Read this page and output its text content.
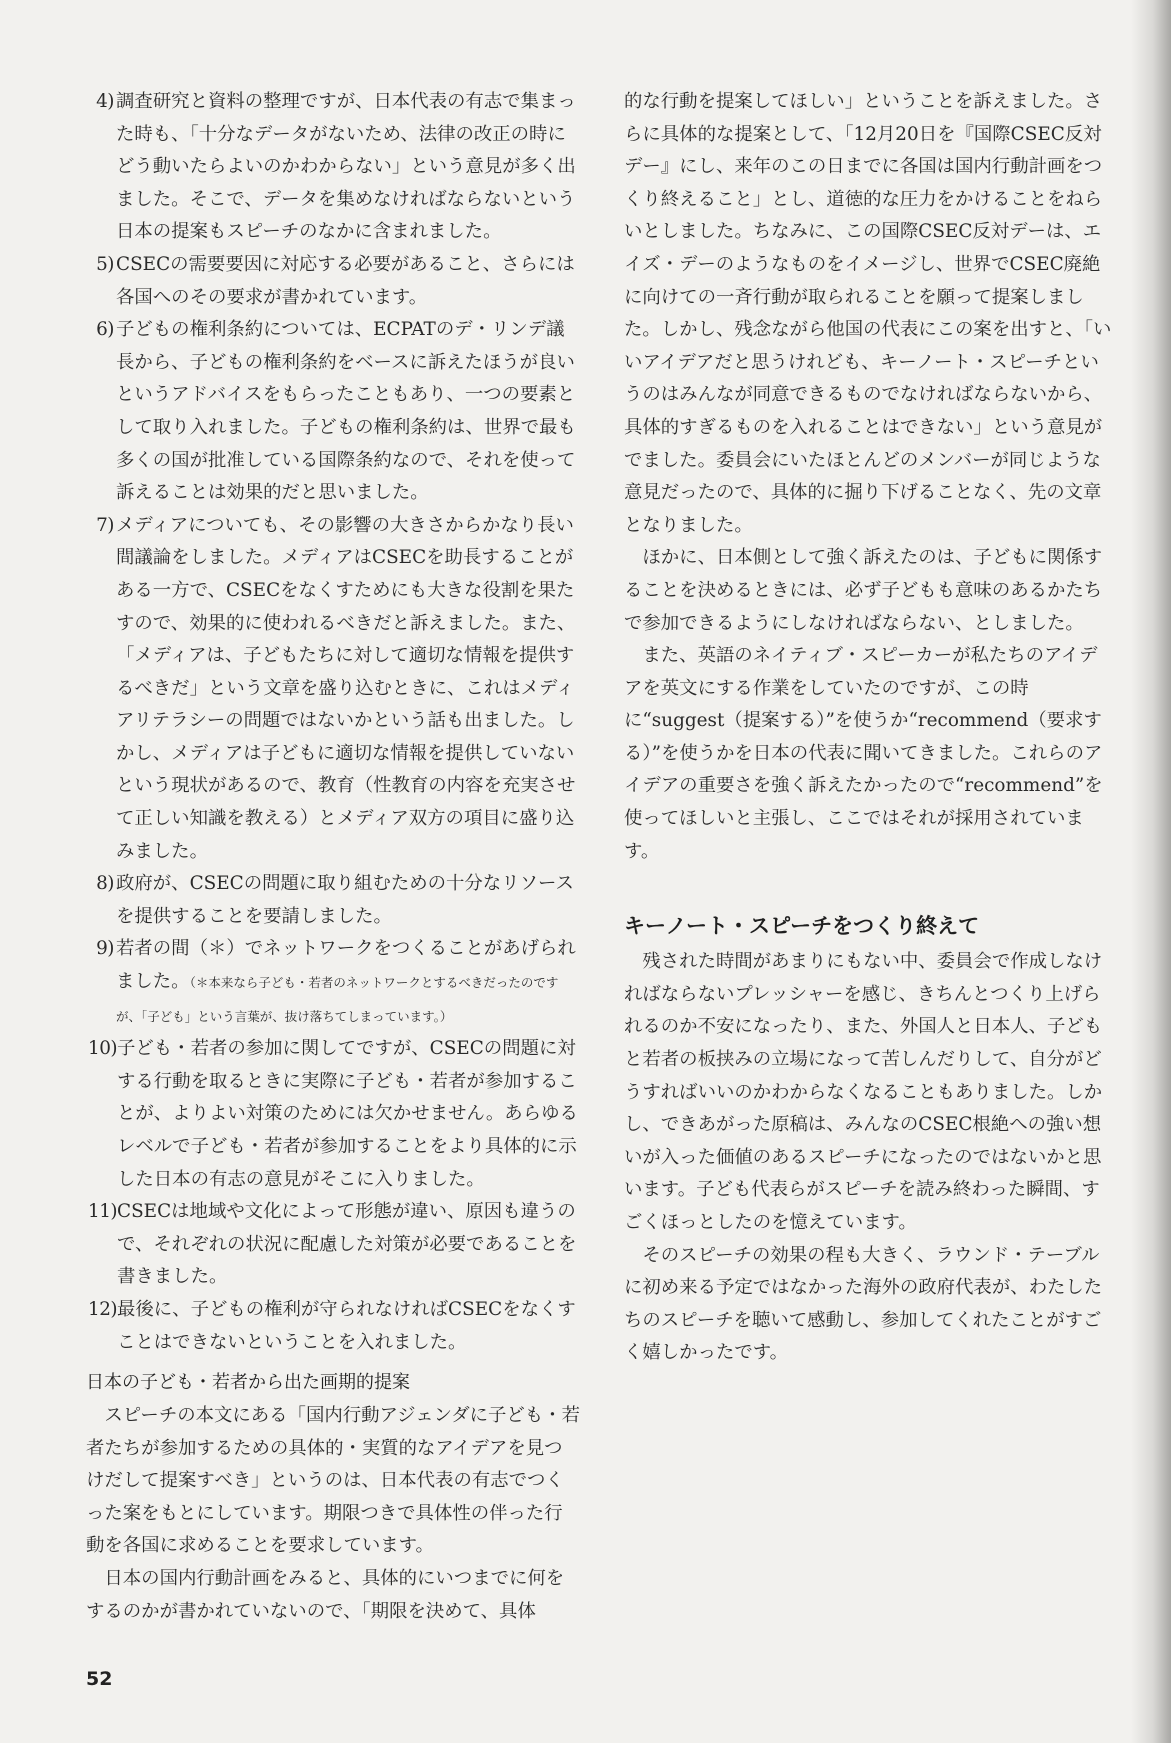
4) 調査研究と資料の整理ですが、日本代表の有志で集まった時も、「十分なデータがないため、法律の改正の時にどう動いたらよいのかわからない」という意見が多く出ました。そこで、データを集めなければならないという日本の提案もスピーチのなかに含まれました。
5) CSECの需要要因に対応する必要があること、さらには各国へのその要求が書かれています。
6) 子どもの権利条約については、ECPATのデ・リンデ議長から、子どもの権利条約をベースに訴えたほうが良いというアドバイスをもらったこともあり、一つの要素として取り入れました。子どもの権利条約は、世界で最も多くの国が批准している国際条約なので、それを使って訴えることは効果的だと思いました。
7) メディアについても、その影響の大きさからかなり長い間議論をしました。メディアはCSECを助長することがある一方で、CSECをなくすためにも大きな役割を果たすので、効果的に使われるべきだと訴えました。また、「メディアは、子どもたちに対して適切な情報を提供するべきだ」という文章を盛り込むときに、これはメディアリテラシーの問題ではないかという話も出ました。しかし、メディアは子どもに適切な情報を提供していないという現状があるので、教育（性教育の内容を充実させて正しい知識を教える）とメディア双方の項目に盛り込みました。
8) 政府が、CSECの問題に取り組むための十分なリソースを提供することを要請しました。
9) 若者の間（＊）でネットワークをつくることがあげられました。（＊本来なら子ども・若者のネットワークとするべきだったのですが、「子ども」という言葉が、抜け落ちてしまっています。）
10) 子ども・若者の参加に関してですが、CSECの問題に対する行動を取るときに実際に子ども・若者が参加することが、よりよい対策のためには欠かせません。あらゆるレベルで子ども・若者が参加することをより具体的に示した日本の有志の意見がそこに入りました。
11) CSECは地域や文化によって形態が違い、原因も違うので、それぞれの状況に配慮した対策が必要であることを書きました。
12) 最後に、子どもの権利が守られなければCSECをなくすことはできないということを入れました。
日本の子ども・若者から出た画期的提案

スピーチの本文にある「国内行動アジェンダに子ども・若者たちが参加するための具体的・実質的なアイデアを見つけだして提案すべき」というのは、日本代表の有志でつくった案をもとにしています。期限つきで具体性の伴った行動を各国に求めることを要求しています。

日本の国内行動計画をみると、具体的にいつまでに何をするのかが書かれていないので、「期限を決めて、具体

的な行動を提案してほしい」ということを訴えました。さらに具体的な提案として、「12月20日を『国際CSEC反対デー』にし、来年のこの日までに各国は国内行動計画をつくり終えること」とし、道徳的な圧力をかけることをねらいとしました。ちなみに、この国際CSEC反対デーは、エイズ・デーのようなものをイメージし、世界でCSEC廃絶に向けての一斉行動が取られることを願って提案しました。しかし、残念ながら他国の代表にこの案を出すと、「いいアイデアだと思うけれども、キーノート・スピーチというのはみんなが同意できるものでなければならないから、具体的すぎるものを入れることはできない」という意見がでました。委員会にいたほとんどのメンバーが同じような意見だったので、具体的に掘り下げることなく、先の文章となりました。

ほかに、日本側として強く訴えたのは、子どもに関係することを決めるときには、必ず子どもも意味のあるかたちで参加できるようにしなければならない、としました。

また、英語のネイティブ・スピーカーが私たちのアイデアを英文にする作業をしていたのですが、この時に“suggest（提案する）”を使うか“recommend（要求する）”を使うかを日本の代表に聞いてきました。これらのアイデアの重要さを強く訴えたかったので“recommend”を使ってほしいと主張し、ここではそれが採用されています。

キーノート・スピーチをつくり終えて

残された時間があまりにもない中、委員会で作成しなければならないプレッシャーを感じ、きちんとつくり上げられるのか不安になったり、また、外国人と日本人、子どもと若者の板挟みの立場になって苦しんだりして、自分がどうすればいいのかわからなくなることもありました。しかし、できあがった原稿は、みんなのCSEC根絶への強い想いが入った価値のあるスピーチになったのではないかと思います。子ども代表らがスピーチを読み終わった瞬間、すごくほっとしたのを憶えています。

そのスピーチの効果の程も大きく、ラウンド・テーブルに初め来る予定ではなかった海外の政府代表が、わたしたちのスピーチを聴いて感動し、参加してくれたことがすごく嬉しかったです。

52
